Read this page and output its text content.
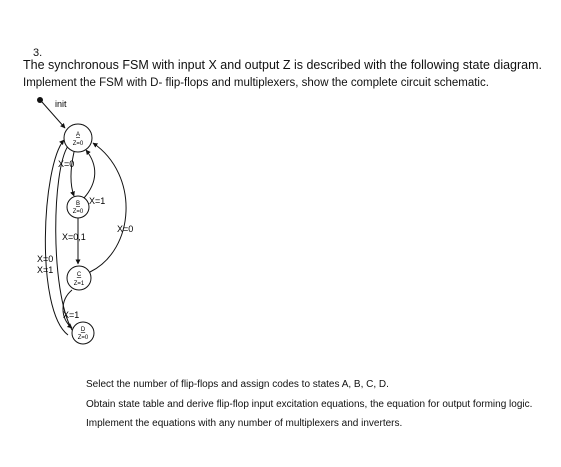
3.
The synchronous FSM with input X and output Z is described with the following state diagram.
Implement the FSM with D- flip-flops and multiplexers, show the complete circuit schematic.
init
X=0
X=1
X=0,1
X=0
X=1
X=0
X=1
A
Z=0
B
Z=0
C
Z=1
D
Z=0
Select the number of flip-flops and assign codes to states A, B, C, D.
Obtain state table and derive flip-flop input excitation equations, the equation for output forming logic.
Implement the equations with any number of multiplexers and inverters.
